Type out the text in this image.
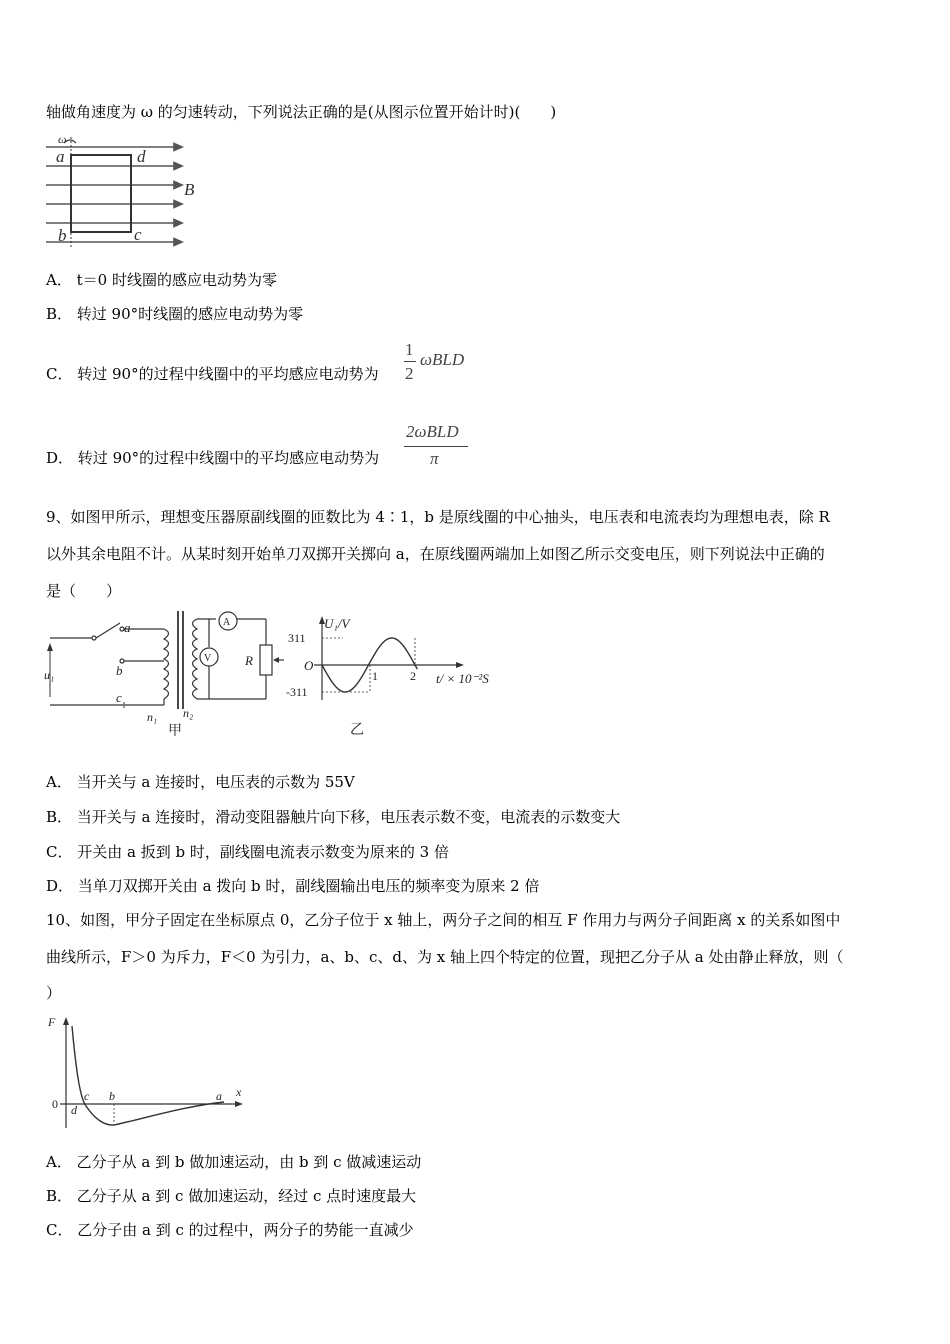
轴做角速度为 ω 的匀速转动，下列说法正确的是(从图示位置开始计时)(　　)
ω
a	d
b	c
B
A． t＝0 时线圈的感应电动势为零
B． 转过 90°时线圈的感应电动势为零
C． 转过 90°的过程中线圈中的平均感应电动势为
1
2
ωBLD
D． 转过 90°的过程中线圈中的平均感应电动势为
2ωBLD
π
9、如图甲所示，理想变压器原副线圈的匝数比为 4∶1，b 是原线圈的中心抽头，电压表和电流表均为理想电表，除 R
以外其余电阻不计。从某时刻开始单刀双掷开关掷向 a，在原线圈两端加上如图乙所示交变电压，则下列说法中正确的
是（　　）
a
b
c
u₁
n₁ n₂
A
V	R
甲
U₁/V
311
-311
O
1	2 t/ × 10⁻²S
乙
A． 当开关与 a 连接时，电压表的示数为 55V
B． 当开关与 a 连接时，滑动变阻器触片向下移，电压表示数不变，电流表的示数变大
C． 开关由 a 扳到 b 时，副线圈电流表示数变为原来的 3 倍
D． 当单刀双掷开关由 a 拨向 b 时，副线圈输出电压的频率变为原来 2 倍
10、如图，甲分子固定在坐标原点 0，乙分子位于 x 轴上，两分子之间的相互 F 作用力与两分子间距离 x 的关系如图中
曲线所示，F＞0 为斥力，F＜0 为引力，a、b、c、d、为 x 轴上四个特定的位置，现把乙分子从 a 处由静止释放，则（
）
F
x
0 d
c b	a
A． 乙分子从 a 到 b 做加速运动，由 b 到 c 做减速运动
B． 乙分子从 a 到 c 做加速运动，经过 c 点时速度最大
C． 乙分子由 a 到 c 的过程中，两分子的势能一直减少
